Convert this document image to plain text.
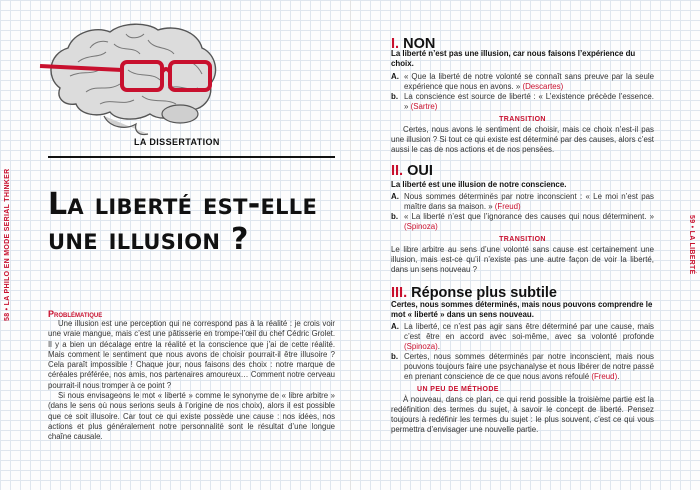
58 • LA PHILO EN MODE SERIAL THINKER	59 • LA LIBERTÉ
LA DISSERTATION
La liberté est-elle une illusion ?
Problématique

Une illusion est une perception qui ne correspond pas à la réalité : je crois voir une vraie mangue, mais c’est une pâtisserie en trompe-l’œil du chef Cédric Grolet. Il y a bien un décalage entre la réalité et la conscience que j’ai de cette réalité. Mais comment le sentiment que nous avons de choisir pourrait-il être illusoire ? Cela paraît impossible ! Chaque jour, nous faisons des choix : notre marque de céréales préférée, nos amis, nos partenaires amoureux… Comment notre cerveau pourrait-il nous tromper à ce point ?

Si nous envisageons le mot « liberté » comme le synonyme de « libre arbitre » (dans le sens où nous serions seuls à l’origine de nos choix), alors il est possible que ce soit illusoire. Car tout ce qui existe possède une cause : nos idées, nos actions et plus généralement notre personnalité sont le résultat d’une longue chaîne causale.

I. NON
La liberté n’est pas une illusion, car nous faisons l’expérience du choix.
A. « Que la liberté de notre volonté se connaît sans preuve par la seule expérience que nous en avons. » (Descartes)
b. La conscience est source de liberté : « L’existence précède l’essence. » (Sartre)
TRANSITION
Certes, nous avons le sentiment de choisir, mais ce choix n’est-il pas une illusion ? Si tout ce qui existe est déterminé par des causes, alors c’est aussi le cas de nos actions et de nos pensées.
II. OUI
La liberté est une illusion de notre conscience.
A. Nous sommes déterminés par notre inconscient : « Le moi n’est pas maître dans sa maison. » (Freud)
b. « La liberté n’est que l’ignorance des causes qui nous déterminent. » (Spinoza)
TRANSITION
Le libre arbitre au sens d’une volonté sans cause est certainement une illusion, mais est-ce qu’il n’existe pas une autre façon de voir la liberté, dans un sens nouveau ?
III. Réponse plus subtile
Certes, nous sommes déterminés, mais nous pouvons comprendre le mot « liberté » dans un sens nouveau.
A. La liberté, ce n’est pas agir sans être déterminé par une cause, mais c’est être en accord avec soi-même, avec sa volonté profonde (Spinoza).
b. Certes, nous sommes déterminés par notre inconscient, mais nous pouvons toujours faire une psychanalyse et nous libérer de notre passé en prenant conscience de ce que nous avons refoulé (Freud).
UN PEU DE MÉTHODE
À nouveau, dans ce plan, ce qui rend possible la troisième partie est la redéfinition des termes du sujet, à savoir le concept de liberté. Pensez toujours à redéfinir les termes du sujet : le plus souvent, c’est ce qui vous permettra d’envisager une nouvelle partie.
